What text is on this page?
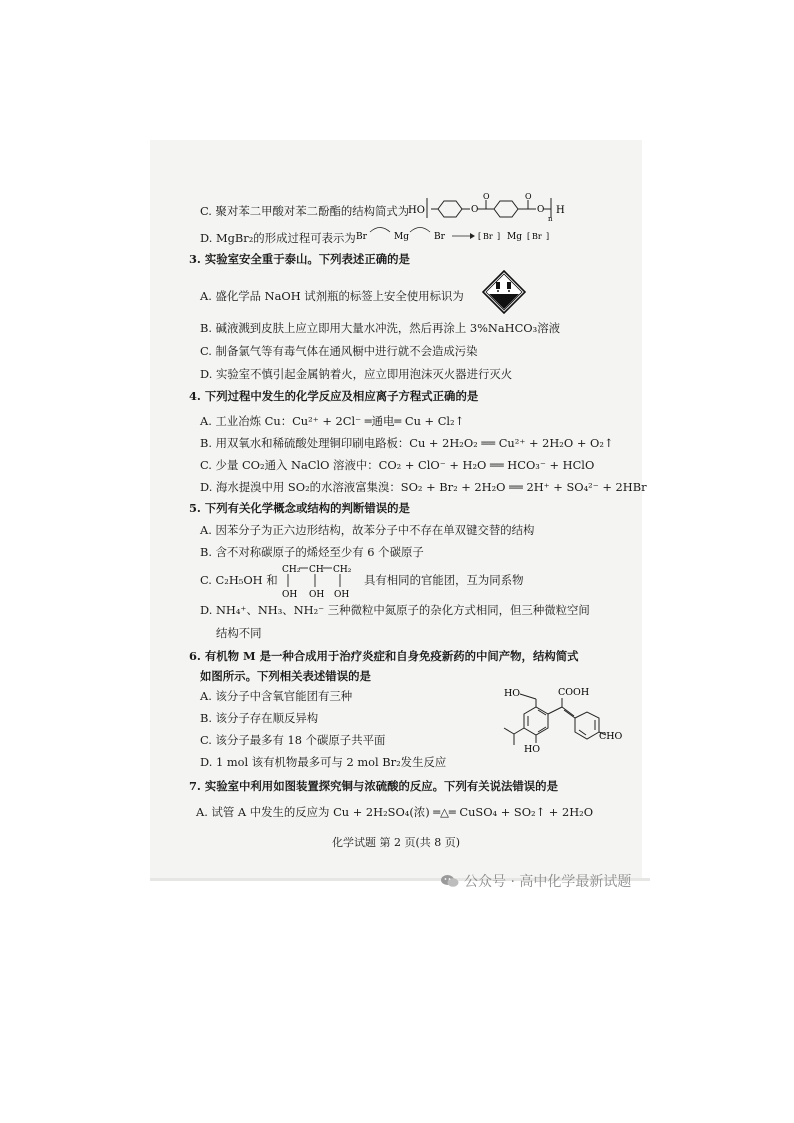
C. 聚对苯二甲酸对苯二酚酯的结构简式为
HO	O
O	O
O
n
H
D. MgBr₂的形成过程可表示为 Br	Mg	Br	[ Br ] Mg [ Br ]
3. 实验室安全重于泰山。下列表述正确的是
A. 盛化学品 NaOH 试剂瓶的标签上安全使用标识为
B. 碱液溅到皮肤上应立即用大量水冲洗，然后再涂上 3%NaHCO₃溶液
C. 制备氯气等有毒气体在通风橱中进行就不会造成污染
D. 实验室不慎引起金属钠着火，应立即用泡沫灭火器进行灭火
4. 下列过程中发生的化学反应及相应离子方程式正确的是
A. 工业冶炼 Cu：Cu²⁺ + 2Cl⁻ ═通电═ Cu + Cl₂↑
B. 用双氧水和稀硫酸处理铜印刷电路板：Cu + 2H₂O₂ ══ Cu²⁺ + 2H₂O + O₂↑
C. 少量 CO₂通入 NaClO 溶液中：CO₂ + ClO⁻ + H₂O ══ HCO₃⁻ + HClO
D. 海水提溴中用 SO₂的水溶液富集溴：SO₂ + Br₂ + 2H₂O ══ 2H⁺ + SO₄²⁻ + 2HBr
5. 下列有关化学概念或结构的判断错误的是
A. 因苯分子为正六边形结构，故苯分子中不存在单双键交替的结构
B. 含不对称碳原子的烯烃至少有 6 个碳原子
C. C₂H₅OH 和
CH₂ CH CH₂
OH OH OH
具有相同的官能团，互为同系物
D. NH₄⁺、NH₃、NH₂⁻ 三种微粒中氮原子的杂化方式相同，但三种微粒空间
结构不同
6. 有机物 M 是一种合成用于治疗炎症和自身免疫新药的中间产物，结构简式
如图所示。下列相关表述错误的是
A. 该分子中含氧官能团有三种
B. 该分子存在顺反异构
C. 该分子最多有 18 个碳原子共平面
D. 1 mol 该有机物最多可与 2 mol Br₂发生反应
COOH
HO
HO
CHO
7. 实验室中利用如图装置探究铜与浓硫酸的反应。下列有关说法错误的是
A. 试管 A 中发生的反应为 Cu + 2H₂SO₄(浓) ═△═ CuSO₄ + SO₂↑ + 2H₂O
化学试题 第 2 页(共 8 页)
公众号 · 高中化学最新试题
